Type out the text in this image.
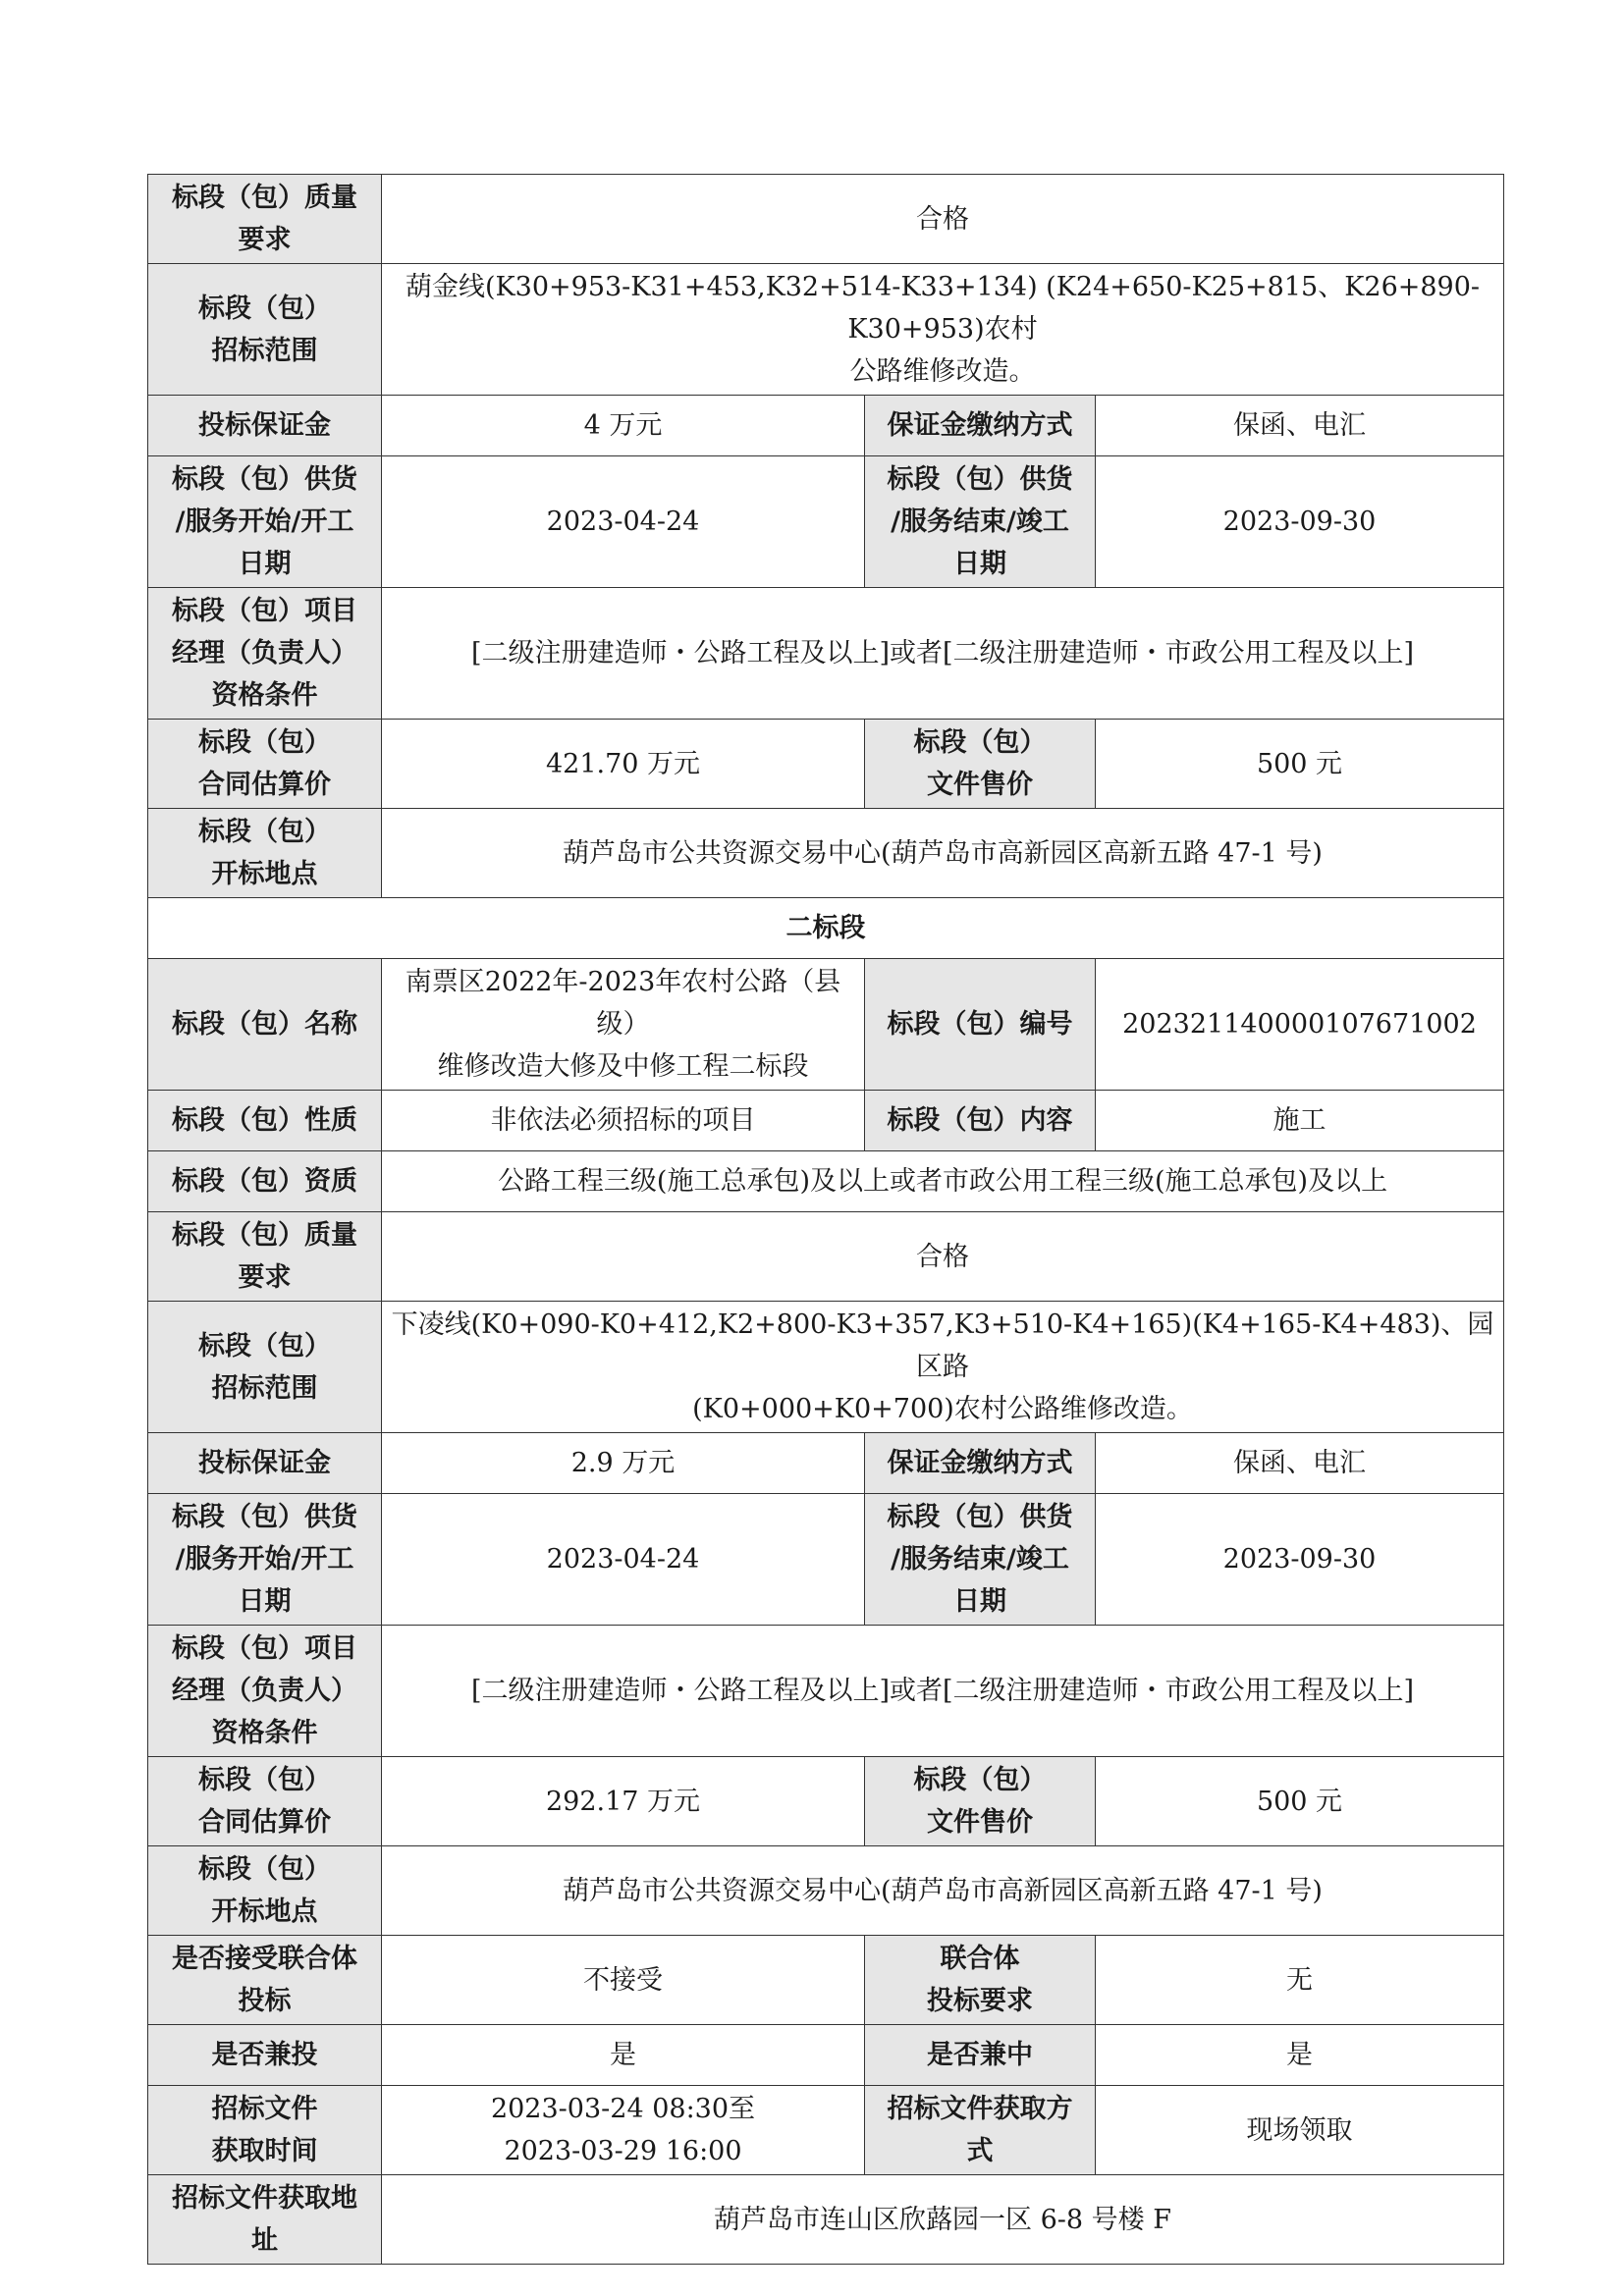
标段（包）质量
要求	合格		
标段（包）
招标范围	葫金线(K30+953-K31+453,K32+514-K33+134) (K24+650-K25+815、K26+890-K30+953)农村
公路维修改造。		
投标保证金	4 万元	保证金缴纳方式	保函、电汇
标段（包）供货
/服务开始/开工
日期	2023-04-24	标段（包）供货
/服务结束/竣工
日期	2023-09-30
标段（包）项目
经理（负责人）
资格条件	[二级注册建造师・公路工程及以上]或者[二级注册建造师・市政公用工程及以上]		
标段（包）
合同估算价	421.70 万元	标段（包）
文件售价	500 元
标段（包）
开标地点	葫芦岛市公共资源交易中心(葫芦岛市高新园区高新五路 47-1 号)		
二标段			
标段（包）名称	南票区2022年-2023年农村公路（县级）
维修改造大修及中修工程二标段	标段（包）编号	202321140000107671002
标段（包）性质	非依法必须招标的项目	标段（包）内容	施工
标段（包）资质	公路工程三级(施工总承包)及以上或者市政公用工程三级(施工总承包)及以上		
标段（包）质量
要求	合格		
标段（包）
招标范围	下凌线(K0+090-K0+412,K2+800-K3+357,K3+510-K4+165)(K4+165-K4+483)、园区路
(K0+000+K0+700)农村公路维修改造。		
投标保证金	2.9 万元	保证金缴纳方式	保函、电汇
标段（包）供货
/服务开始/开工
日期	2023-04-24	标段（包）供货
/服务结束/竣工
日期	2023-09-30
标段（包）项目
经理（负责人）
资格条件	[二级注册建造师・公路工程及以上]或者[二级注册建造师・市政公用工程及以上]		
标段（包）
合同估算价	292.17 万元	标段（包）
文件售价	500 元
标段（包）
开标地点	葫芦岛市公共资源交易中心(葫芦岛市高新园区高新五路 47-1 号)		
是否接受联合体
投标	不接受	联合体
投标要求	无
是否兼投	是	是否兼中	是
招标文件
获取时间	2023-03-24 08:30至
2023-03-29 16:00	招标文件获取方
式	现场领取
招标文件获取地
址	葫芦岛市连山区欣蕗园一区 6-8 号楼 F		
